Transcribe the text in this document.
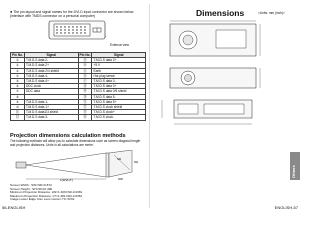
● The pin layout and signal names for the DVI-D input connector are shown below. (interface with TMDS connector on a personal computer)
External view
Pin No.	Signal	Pin No.	Signal
①	T.M.D.S data 2-	⑬	T.M.D.S data 3+
②	T.M.D.S data 2+	⑭	+5 V
③	T.M.D.S data 2/4 shield	⑮	Earth
④	T.M.D.S data 4-	⑯	Hot plug sense
⑤	T.M.D.S data 4+	⑰	T.M.D.S data 0-
⑥	DDC clock	⑱	T.M.D.S data 0+
⑦	DDC data	⑲	T.M.D.S data 0/5 shield
⑧		⑳	T.M.D.S data 5-
⑨	T.M.D.S data 1-	㉑	T.M.D.S data 5+
⑩	T.M.D.S data 1+	㉒	T.M.D.S clock shield
⑪	T.M.D.S data1/3 shield	㉓	T.M.D.S clock+
⑫	T.M.D.S data 3-	㉔	T.M.D.S clock-
Projection dimensions calculation methods
The following methods will allow you to calculate dimensions such as screen diagonal length and projection distances. Units in all calculations are metre.
L(W)/L(T)
SD
SH
SW
Screen Width : SW=SD×0.872
Screen Height : SH=SD×0.490
Minimum Projection Distance: LW=1.329×SD-0.0381
Maximum Projection Distance: LT=1.481×SD-0.0381
Image Lower Edge from Lens Center: H=-SH/2
56-ENGLISH
Dimensions	<Units: mm (inch)>
Others
ENGLISH-57
